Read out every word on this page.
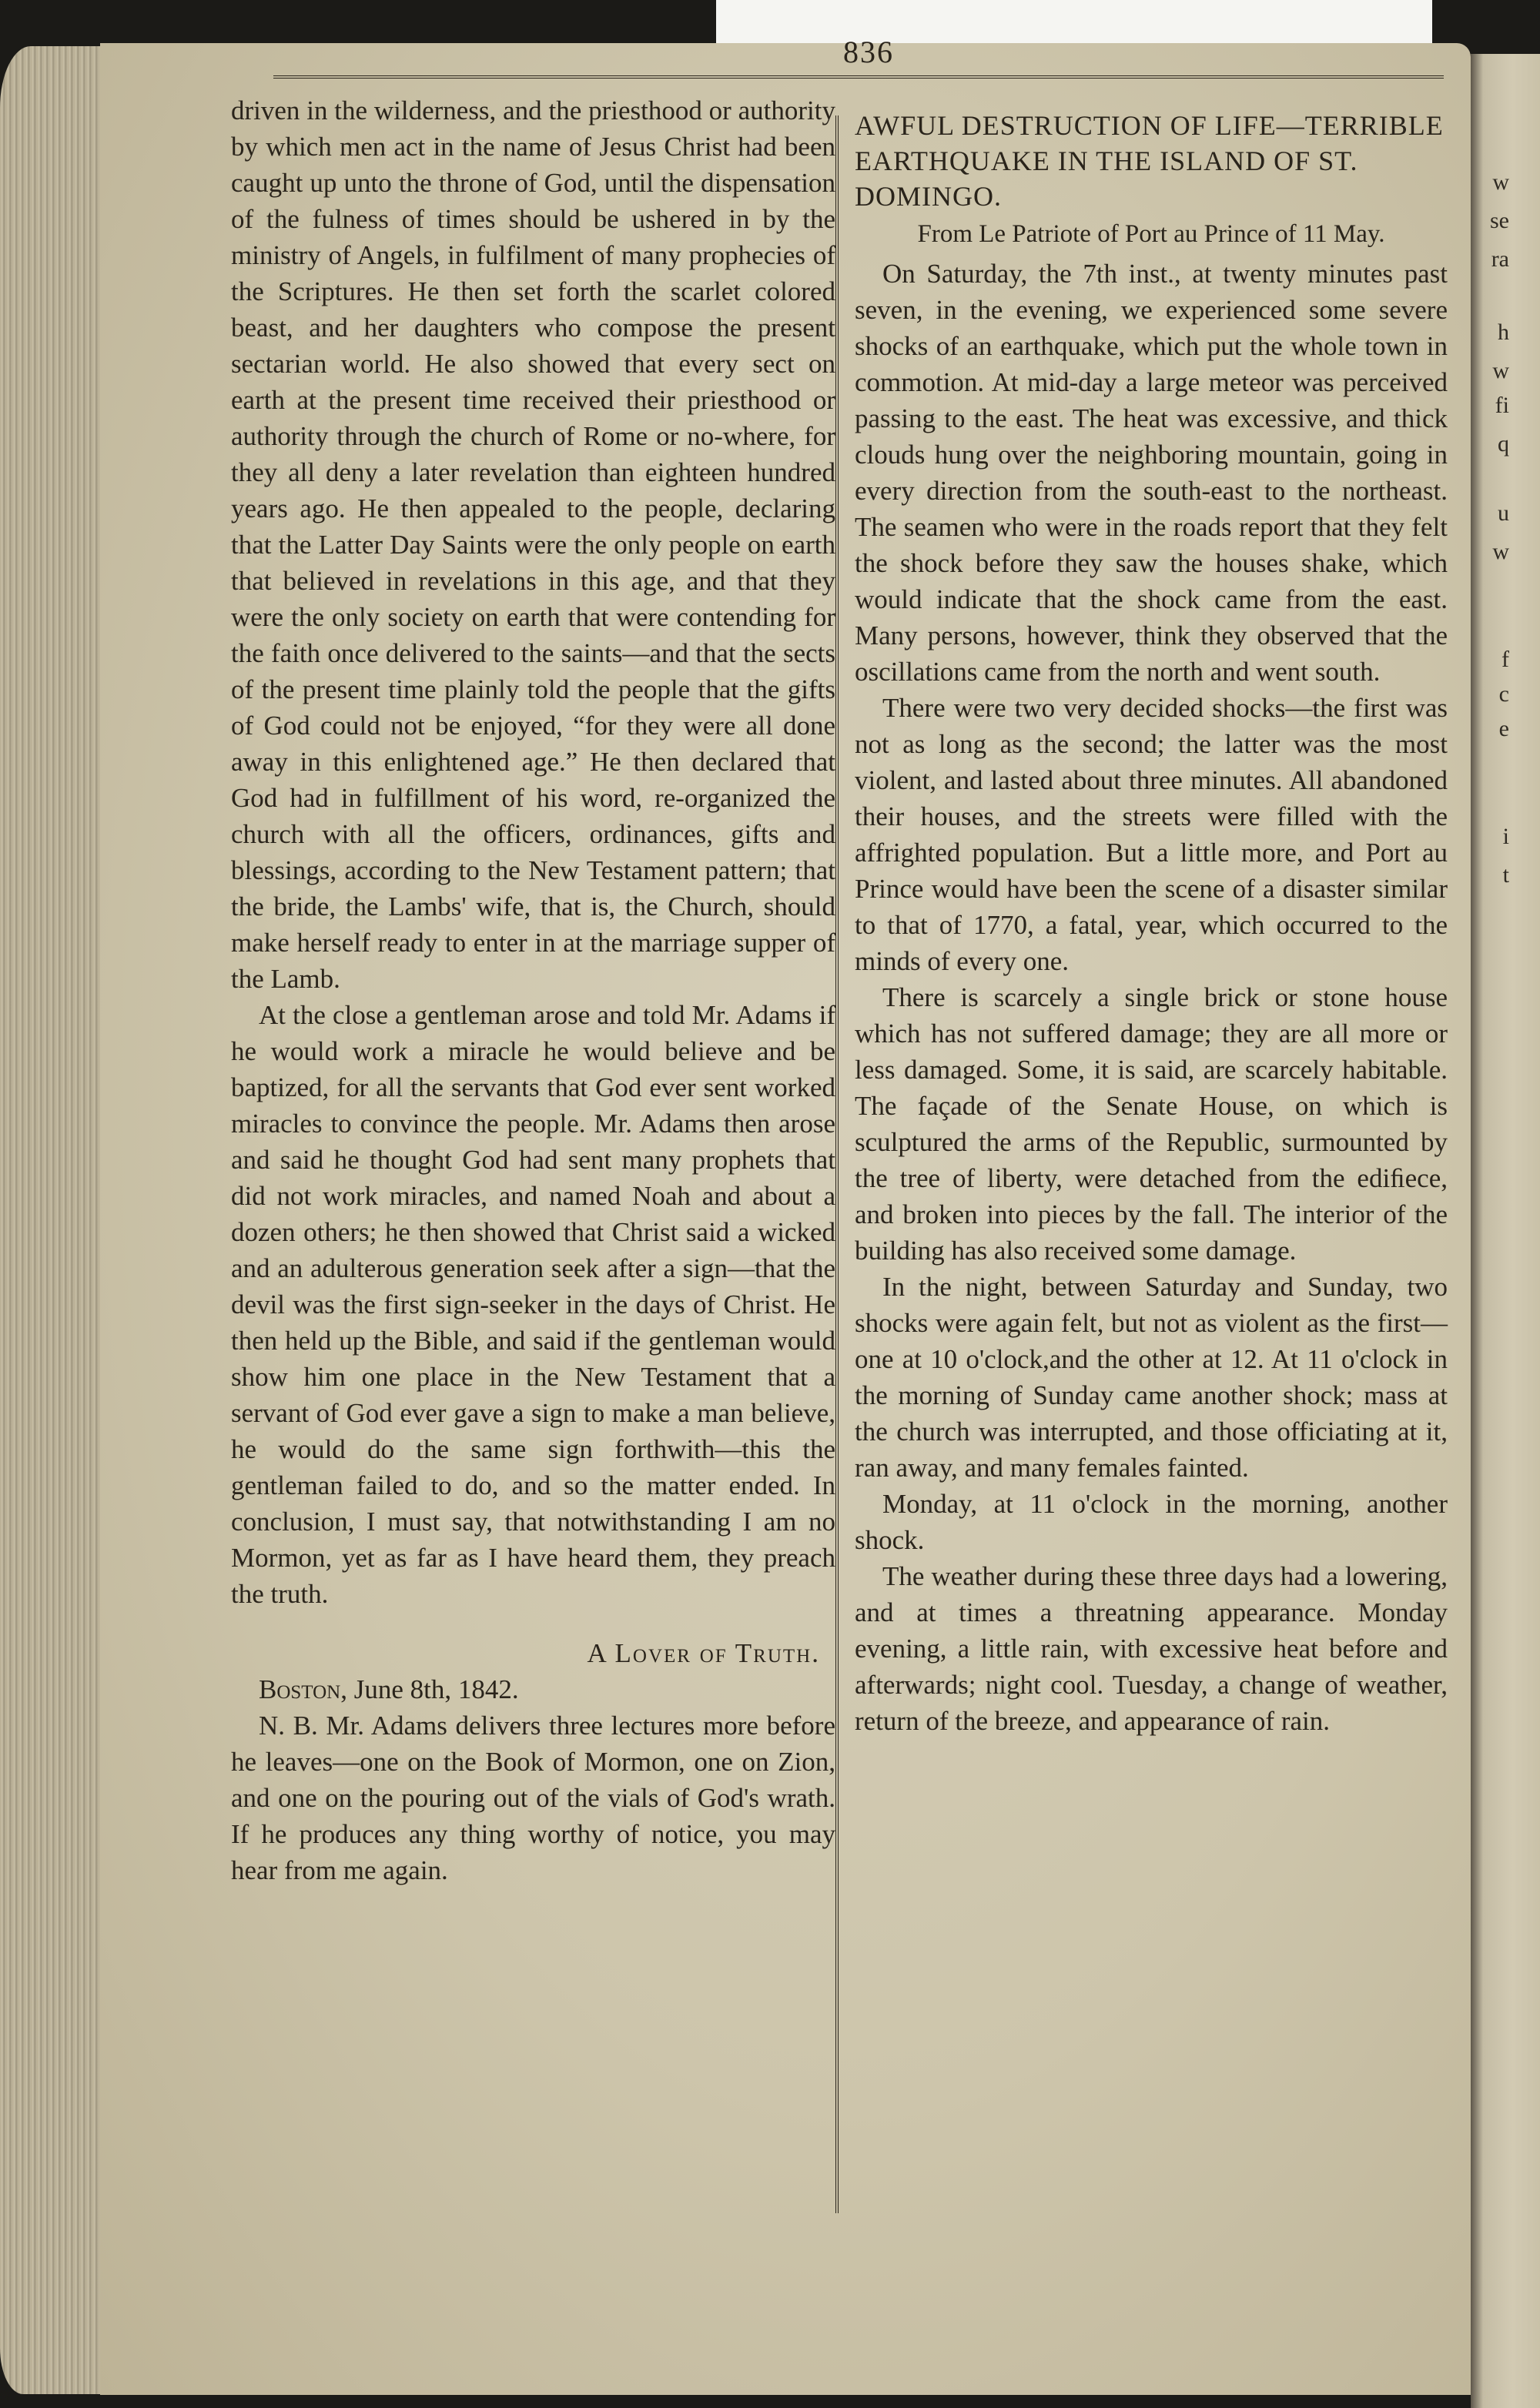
w
se
ra
h
w
fi
q
u
w
f
c
e
i
t
836

driven in the wilderness, and the priesthood or authority by which men act in the name of Jesus Christ had been caught up unto the throne of God, until the dispensation of the fulness of times should be ushered in by the ministry of Angels, in fulfilment of many prophecies of the Scriptures. He then set forth the scarlet colored beast, and her daughters who compose the present sectarian world. He also showed that every sect on earth at the present time received their priesthood or authority through the church of Rome or no-where, for they all deny a later revelation than eighteen hundred years ago. He then appealed to the people, declaring that the Latter Day Saints were the only people on earth that believed in revelations in this age, and that they were the only society on earth that were contending for the faith once delivered to the saints—and that the sects of the present time plainly told the people that the gifts of God could not be enjoyed, “for they were all done away in this enlightened age.” He then declared that God had in fulfillment of his word, re-organized the church with all the officers, ordinances, gifts and blessings, according to the New Testament pattern; that the bride, the Lambs' wife, that is, the Church, should make herself ready to enter in at the marriage supper of the Lamb.

At the close a gentleman arose and told Mr. Adams if he would work a miracle he would believe and be baptized, for all the servants that God ever sent worked miracles to convince the people. Mr. Adams then arose and said he thought God had sent many prophets that did not work miracles, and named Noah and about a dozen others; he then showed that Christ said a wicked and an adulterous generation seek after a sign—that the devil was the first sign-seeker in the days of Christ. He then held up the Bible, and said if the gentleman would show him one place in the New Testament that a servant of God ever gave a sign to make a man believe, he would do the same sign forthwith—this the gentleman failed to do, and so the matter ended. In conclusion, I must say, that notwithstanding I am no Mormon, yet as far as I have heard them, they preach the truth.

A Lover of Truth.

Boston, June 8th, 1842.

N. B. Mr. Adams delivers three lectures more before he leaves—one on the Book of Mormon, one on Zion, and one on the pouring out of the vials of God's wrath. If he produces any thing worthy of notice, you may hear from me again.

AWFUL DESTRUCTION OF LIFE—TERRIBLE EARTHQUAKE IN THE ISLAND OF ST. DOMINGO.
From Le Patriote of Port au Prince of 11 May.

On Saturday, the 7th inst., at twenty minutes past seven, in the evening, we experienced some severe shocks of an earthquake, which put the whole town in commotion. At mid-day a large meteor was perceived passing to the east. The heat was excessive, and thick clouds hung over the neighboring mountain, going in every direction from the south-east to the northeast. The seamen who were in the roads report that they felt the shock before they saw the houses shake, which would indicate that the shock came from the east. Many persons, however, think they observed that the oscillations came from the north and went south.

There were two very decided shocks—the first was not as long as the second; the latter was the most violent, and lasted about three minutes. All abandoned their houses, and the streets were filled with the affrighted population. But a little more, and Port au Prince would have been the scene of a disaster similar to that of 1770, a fatal, year, which occurred to the minds of every one.

There is scarcely a single brick or stone house which has not suffered damage; they are all more or less damaged. Some, it is said, are scarcely habitable. The façade of the Senate House, on which is sculptured the arms of the Republic, surmounted by the tree of liberty, were detached from the ediﬁece, and broken into pieces by the fall. The interior of the building has also received some damage.

In the night, between Saturday and Sunday, two shocks were again felt, but not as violent as the first—one at 10 o'clock,and the other at 12. At 11 o'clock in the morning of Sunday came another shock; mass at the church was interrupted, and those officiating at it, ran away, and many females fainted.

Monday, at 11 o'clock in the morning, another shock.

The weather during these three days had a lowering, and at times a threatning appearance. Monday evening, a little rain, with excessive heat before and afterwards; night cool. Tuesday, a change of weather, return of the breeze, and appearance of rain.
